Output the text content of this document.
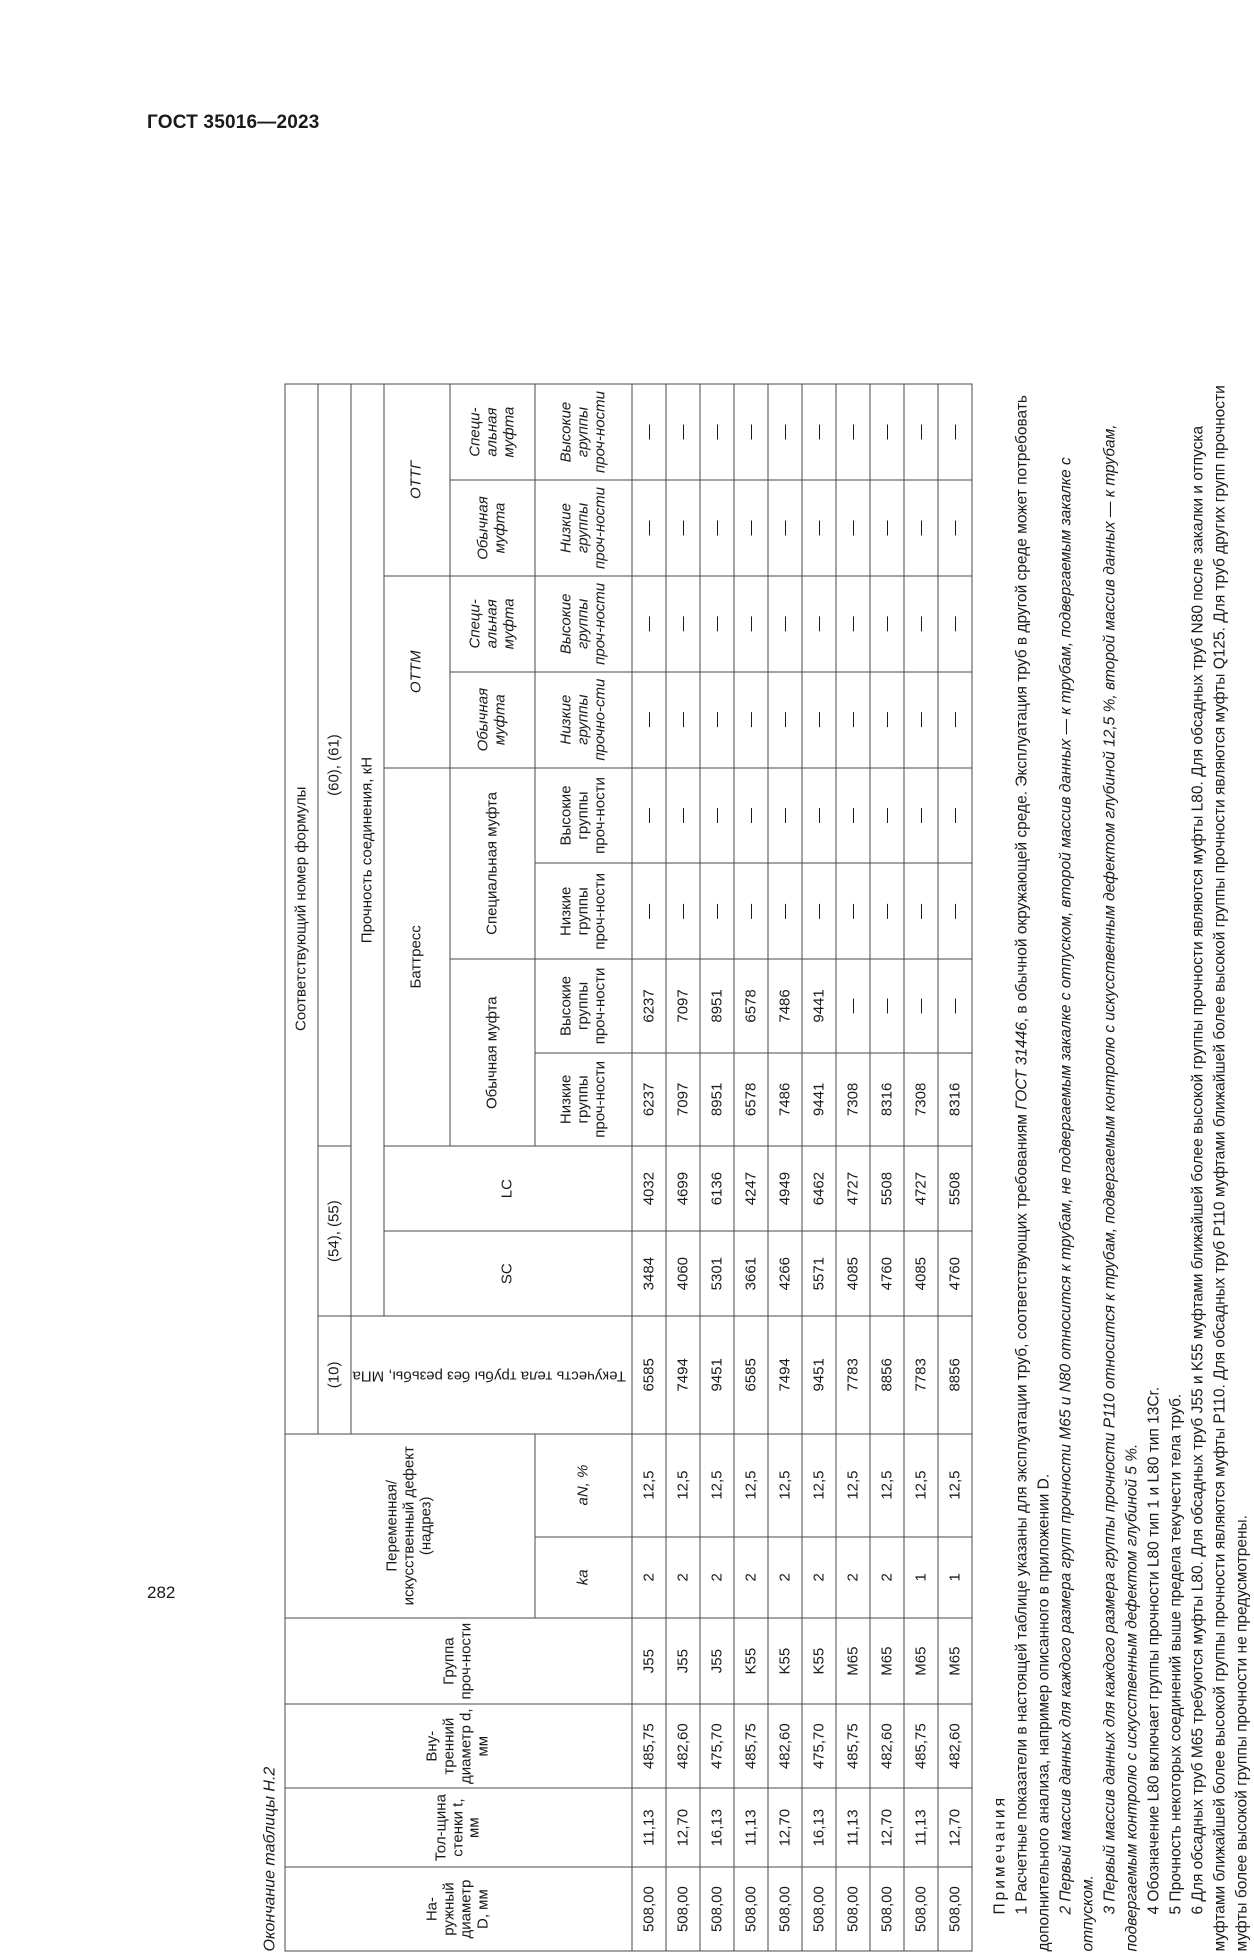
ГОСТ 35016—2023
Окончание таблицы Н.2	На-ружный диаметр D, мм	Тол-щина стенки t, мм	Вну-тренний диаметр d, мм	Группа проч-ности	Переменная/ искусственный дефект (надрез)		Соответствующий номер формулы										
						(10)	(54), (55)		(60), (61)							
						Текучесть тела трубы без резьбы, МПа	Прочность соединения, кН									
							SC	LC	Баттресс				ОТТМ		ОТТГ	
									Обычная муфта		Специальная муфта		Обычная муфта	Специ-альная муфта	Обычная муфта	Специ-альная муфта
				ka	aN, %				Низкие группы проч-ности	Высокие группы проч-ности	Низкие группы проч-ности	Высокие группы проч-ности	Низкие группы прочно-сти	Высокие группы проч-ности	Низкие группы проч-ности	Высокие группы проч-ности
508,00	11,13	485,75	J55	2	12,5	6585	3484	4032	6237	6237	—	—	—	—	—	—
508,00	12,70	482,60	J55	2	12,5	7494	4060	4699	7097	7097	—	—	—	—	—	—
508,00	16,13	475,70	J55	2	12,5	9451	5301	6136	8951	8951	—	—	—	—	—	—
508,00	11,13	485,75	K55	2	12,5	6585	3661	4247	6578	6578	—	—	—	—	—	—
508,00	12,70	482,60	K55	2	12,5	7494	4266	4949	7486	7486	—	—	—	—	—	—
508,00	16,13	475,70	K55	2	12,5	9451	5571	6462	9441	9441	—	—	—	—	—	—
508,00	11,13	485,75	M65	2	12,5	7783	4085	4727	7308	—	—	—	—	—	—	—
508,00	12,70	482,60	M65	2	12,5	8856	4760	5508	8316	—	—	—	—	—	—	—
508,00	11,13	485,75	M65	1	12,5	7783	4085	4727	7308	—	—	—	—	—	—	—
508,00	12,70	482,60	M65	1	12,5	8856	4760	5508	8316	—	—	—	—	—	—	—

Примечания 1 Расчетные показатели в настоящей таблице указаны для эксплуатации труб, соответствующих требованиям ГОСТ 31446, в обычной окружающей среде. Эксплуатация труб в другой среде может потребовать дополнительного анализа, например описанного в приложении D. 2 Первый массив данных для каждого размера групп прочности М65 и N80 относится к трубам, не подвергаемым закалке с отпуском, второй массив данных — к трубам, подвергаемым закалке с отпуском. 3 Первый массив данных для каждого размера группы прочности Р110 относится к трубам, подвергаемым контролю с искусственным дефектом глубиной 12,5 %, второй массив данных — к трубам, подвергаемым контролю с искусственным дефектом глубиной 5 %. 4 Обозначение L80 включает группы прочности L80 тип 1 и L80 тип 13Cr. 5 Прочность некоторых соединений выше предела текучести тела труб. 6 Для обсадных труб М65 требуются муфты L80. Для обсадных труб J55 и K55 муфтами ближайшей более высокой группы прочности являются муфты L80. Для обсадных труб N80 после закалки и отпуска муфтами ближайшей более высокой группы прочности являются муфты Р110. Для обсадных труб Р110 муфтами ближайшей более высокой группы прочности являются муфты Q125. Для труб других групп прочности муфты более высокой группы прочности не предусмотрены.

282
